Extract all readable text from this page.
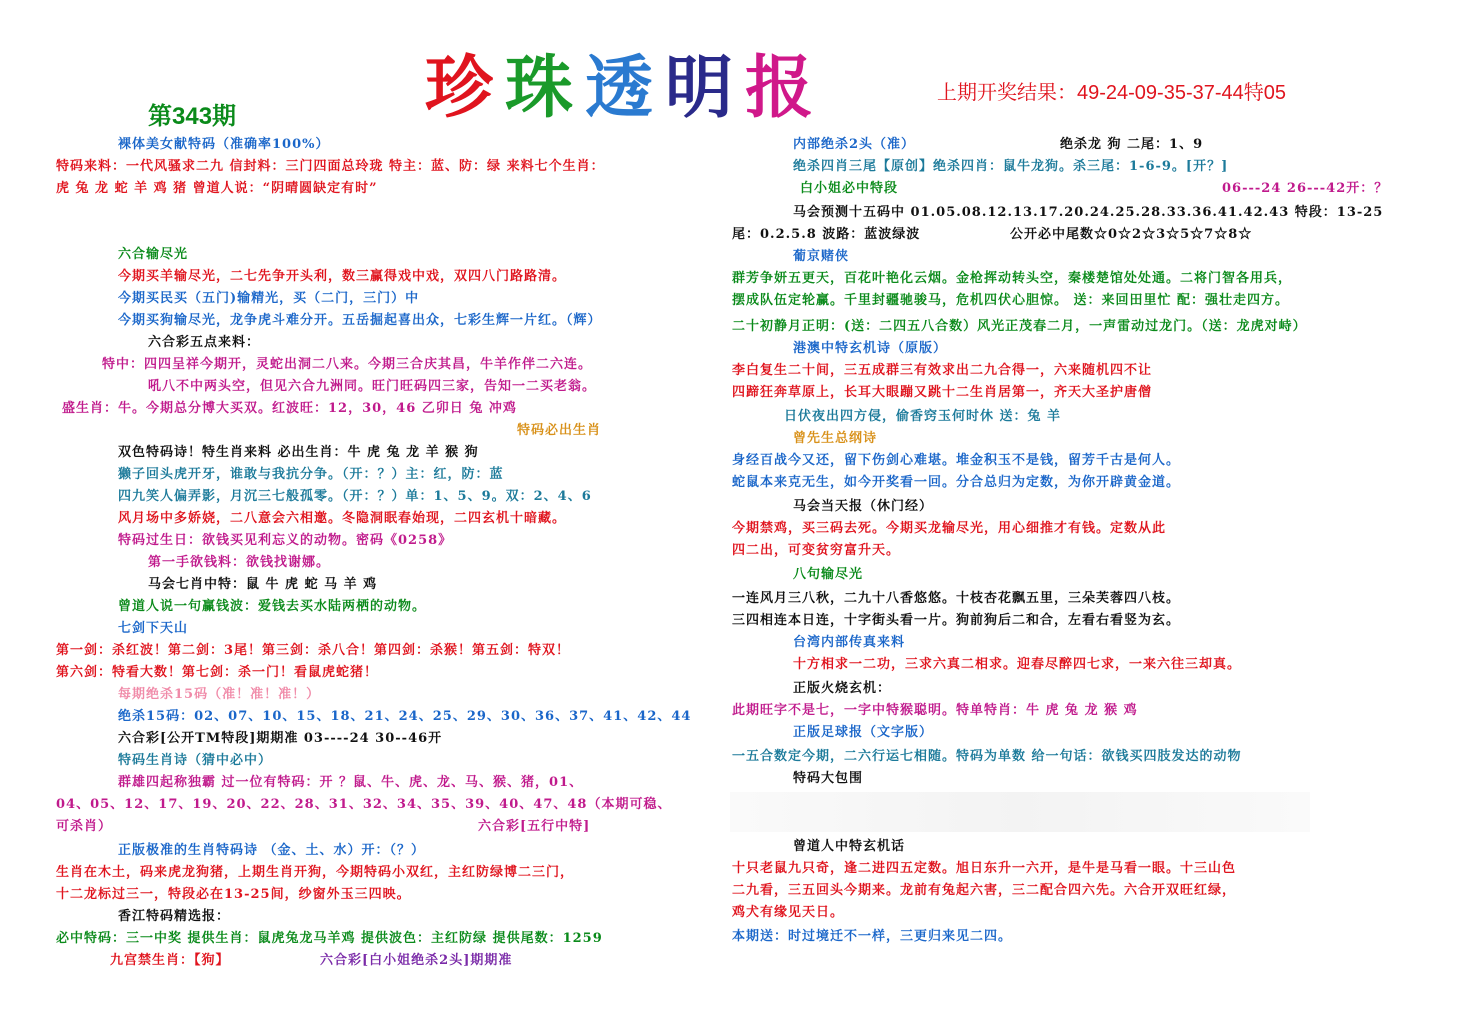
珍珠透明报
第343期
上期开奖结果：49-24-09-35-37-44特05
裸体美女献特码（准确率100%）
特码来料：一代风骚求二九 信封料：三门四面总玲珑 特主：蓝、防：绿 来料七个生肖：
虎 兔 龙 蛇 羊 鸡 猪 曾道人说：“阴晴圆缺定有时”
六合输尽光
今期买羊输尽光，二七先争开头利，数三赢得戏中戏，双四八门路路清。
今期买民买（五门)输精光，买（二门，三门）中
今期买狗输尽光，龙争虎斗难分开。五岳掘起喜出众，七彩生辉一片红。（辉）
六合彩五点来料：
特中：四四呈祥今期开，灵蛇出洞二八来。今期三合庆其昌，牛羊作伴二六连。
吼八不中两头空，但见六合九洲同。旺门旺码四三家，告知一二买老翁。
盛生肖：牛。今期总分博大买双。红波旺：12，30，46 乙卯日 兔 冲鸡
特码必出生肖
双色特码诗！特生肖来料 必出生肖：牛 虎 兔 龙 羊 猴 狗
獭子回头虎开牙，谁敢与我抗分争。（开：？）主：红，防：蓝
四九笑人偏弄影，月沉三七般孤零。（开：？）单：1、5、9。双：2、4、6
风月场中多娇娆，二八意会六相邀。冬隐洞眠春始现，二四玄机十暗藏。
特码过生日：欲钱买见利忘义的动物。密码《0258》
第一手欲钱料：欲钱找谢娜。
马会七肖中特：鼠 牛 虎 蛇 马 羊 鸡
曾道人说一句赢钱波：爱钱去买水陆两栖的动物。
七剑下天山
第一剑：杀红波！第二剑：3尾！第三剑：杀八合！第四剑：杀猴！第五剑：特双！
第六剑：特看大数！第七剑：杀一门！看鼠虎蛇猪！
每期绝杀15码（准！准！准！）
绝杀15码：02、07、10、15、18、21、24、25、29、30、36、37、41、42、44
六合彩[公开TM特段]期期准 03----24 30--46开
特码生肖诗（猜中必中）
群雄四起称独霸 过一位有特码：开 ？鼠、牛、虎、龙、马、猴、猪，01、
04、05、12、17、19、20、22、28、31、32、34、35、39、40、47、48（本期可稳、
可杀肖）	六合彩[五行中特]
正版极准的生肖特码诗 （金、土、水）开：（？）
生肖在木土，码来虎龙狗猪，上期生肖开狗，今期特码小双红，主红防绿博二三门，
十二龙标过三一，特段必在13-25间，纱窗外玉三四映。
香江特码精选报：
必中特码：三一中奖 提供生肖：鼠虎兔龙马羊鸡 提供波色：主红防绿 提供尾数：1259
九宫禁生肖：【狗】	六合彩[白小姐绝杀2头]期期准
内部绝杀2头（准）	绝杀龙 狗 二尾：1、9
绝杀四肖三尾【原创】绝杀四肖：鼠牛龙狗。杀三尾：1-6-9。[开？]
白小姐必中特段	06---24 26---42开：？
马会预测十五码中 01.05.08.12.13.17.20.24.25.28.33.36.41.42.43 特段：13-25
尾：0.2.5.8 波路：蓝波绿波	公开必中尾数☆0☆2☆3☆5☆7☆8☆
葡京赌侠
群芳争妍五更天，百花叶艳化云烟。金枪挥动转头空，秦楼楚馆处处通。二将门智各用兵，
摆成队伍定轮赢。千里封疆驰骏马，危机四伏心胆惊。 送：来回田里忙 配：强壮走四方。
二十初静月正明：(送：二四五八合数）风光正茂春二月，一声雷动过龙门。（送：龙虎对峙）
港澳中特玄机诗（原版）
李白复生二十间，三五成群三有效求出二九合得一，六来随机四不让
四蹄狂奔草原上，长耳大眼蹦又跳十二生肖居第一，齐天大圣护唐僧
日伏夜出四方侵，偷香窍玉何时休 送：兔 羊
曾先生总纲诗
身经百战今又还，留下伤剑心难堪。堆金积玉不是钱，留芳千古是何人。
蛇鼠本来克无生，如今开奖看一回。分合总归为定数，为你开辟黄金道。
马会当天报（休门经）
今期禁鸡，买三码去死。今期买龙输尽光，用心细推才有钱。定数从此
四二出，可变贫穷富升天。
八句输尽光
一连风月三八秋，二九十八香悠悠。十枝杏花飘五里，三朵芙蓉四八枝。
三四相连本日连，十字街头看一片。狗前狗后二和合，左看右看竖为玄。
台湾内部传真来料
十方相求一二功，三求六真二相求。迎春尽醉四七求，一来六往三却真。
正版火烧玄机：
此期旺字不是七，一字中特猴聪明。特单特肖：牛 虎 兔 龙 猴 鸡
正版足球报（文字版）
一五合数定今期，二六行运七相随。特码为单数 给一句话：欲钱买四肢发达的动物
特码大包围
曾道人中特玄机话
十只老鼠九只奇，逢二进四五定数。旭日东升一六开，是牛是马看一眼。十三山色
二九看，三五回头今期来。龙前有兔起六害，三二配合四六先。六合开双旺红绿，
鸡犬有缘见天日。
本期送：时过境迁不一样，三更归来见二四。
